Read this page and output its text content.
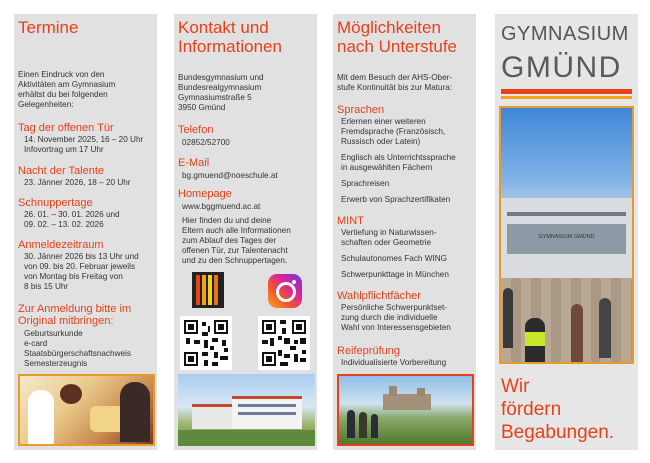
Termine
Einen Eindruck von den
Aktivitäten am Gymnasium
erhältst du bei folgenden
Gelegenheiten:
Tag der offenen Tür
14. November 2025, 16 – 20 Uhr
Infovortrag um 17 Uhr
Nacht der Talente
23. Jänner 2026, 18 – 20 Uhr
Schnuppertage
26. 01. – 30. 01. 2026 und
09. 02. – 13. 02. 2026
Anmeldezeitraum
30. Jänner 2026 bis 13 Uhr und
von 09. bis 20. Februar jeweils
von Montag bis Freitag von
8 bis 15 Uhr
Zur Anmeldung bitte im
Original mitbringen:
Geburtsurkunde
e-card
Staatsbürgerschaftsnachweis
Semesterzeugnis
Kontakt und
Informationen
Bundesgymnasium und
Bundesrealgymnasium
Gymnasiumstraße 5
3950 Gmünd
Telefon
02852/52700
E-Mail
bg.gmuend@noeschule.at
Homepage
www.bggmuend.ac.at
Hier finden du und deine
Eltern auch alle Informationen
zum Ablauf des Tages der
offenen Tür, zur Talentenacht
und zu den Schnuppertagen.
Möglichkeiten
nach Unterstufe
Mit dem Besuch der AHS-Ober-
stufe Kontinuität bis zur Matura:
Sprachen
Erlernen einer weiteren
Fremdsprache (Französisch,
Russisch oder Latein)
Englisch als Unterrichtssprache
in ausgewählten Fächern
Sprachreisen
Erwerb von Sprachzertifikaten
MINT
Vertiefung in Naturwissen-
schaften oder Geometrie
Schulautonomes Fach WING
Schwerpunkttage in München
Wahlpflichtfächer
Persönliche Schwerpunktset-
zung durch die individuelle
Wahl von Interessensgebieten
Reifeprüfung
Individualisierte Vorbereitung
GYMNASIUM
GMÜND
GYMNASIUM GMÜND
Wir
fördern
Begabungen.
